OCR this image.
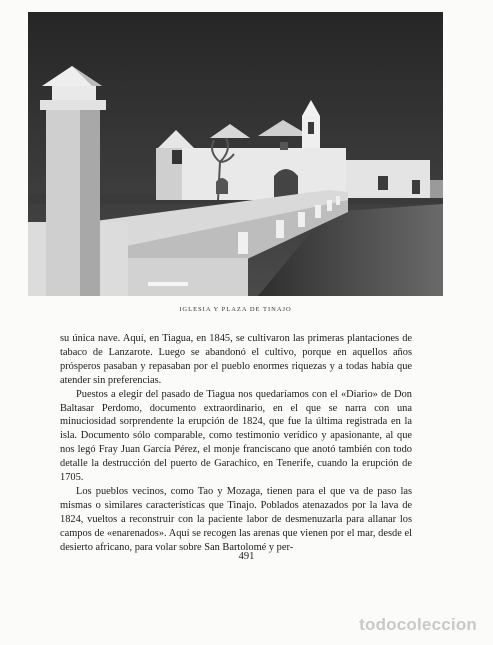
IGLESIA Y PLAZA DE TINAJO

su única nave. Aquí, en Tiagua, en 1845, se cultivaron las primeras plantaciones de tabaco de Lanzarote. Luego se abandonó el cultivo, porque en aquellos años prósperos pasaban y repasaban por el pueblo enormes riquezas y a todas había que atender sin preferencias.

Puestos a elegir del pasado de Tiagua nos quedaríamos con el «Diario» de Don Baltasar Perdomo, documento extraordinario, en el que se narra con una minuciosidad sorprendente la erupción de 1824, que fue la última registrada en la isla. Documento sólo comparable, como testimonio verídico y apasionante, al que nos legó Fray Juan García Pérez, el monje franciscano que anotó también con todo detalle la destrucción del puerto de Garachico, en Tenerife, cuando la erupción de 1705.

Los pueblos vecinos, como Tao y Mozaga, tienen para el que va de paso las mismas o similares características que Tinajo. Poblados atenazados por la lava de 1824, vueltos a reconstruir con la paciente labor de desmenuzarla para allanar los campos de «enarenados». Aquí se recogen las arenas que vienen por el mar, desde el desierto africano, para volar sobre San Bartolomé y per-

491
todocoleccion
